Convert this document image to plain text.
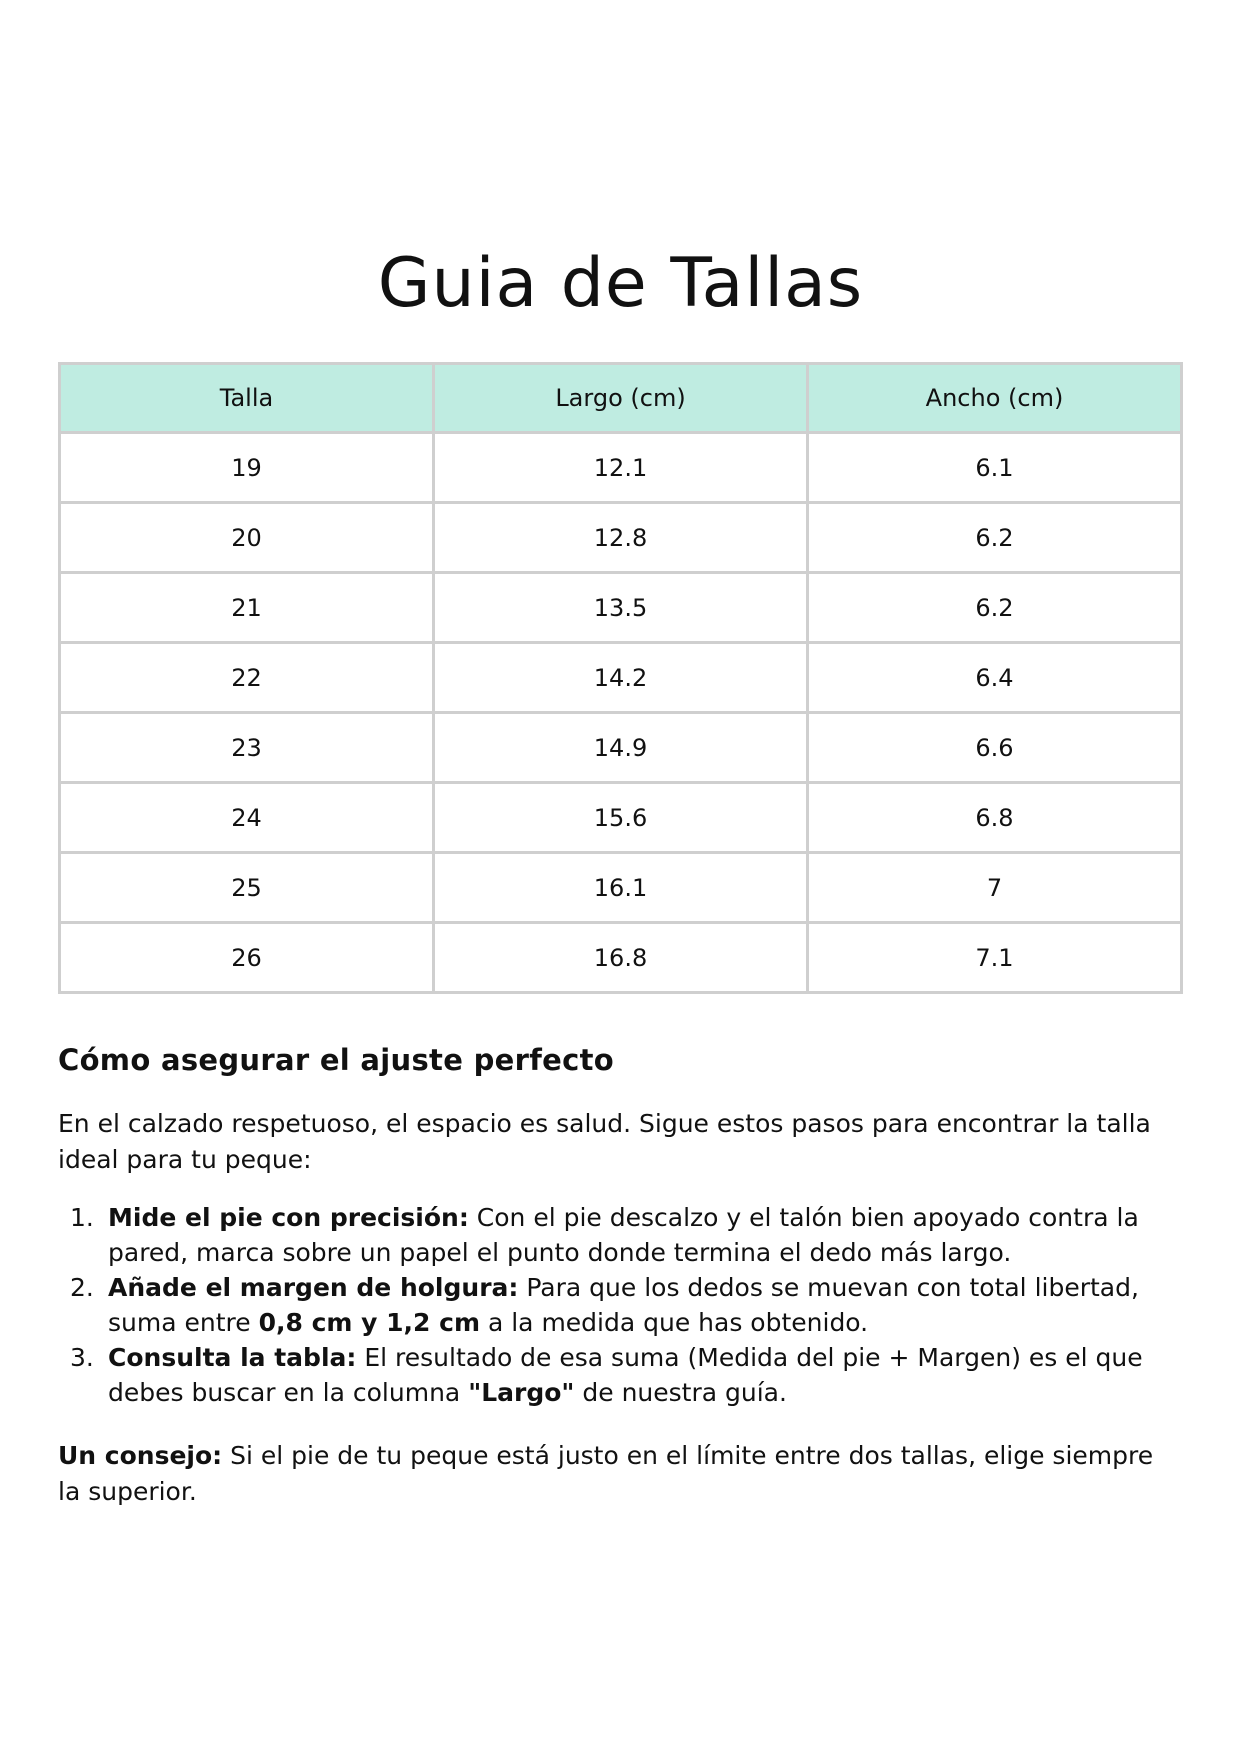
Guia de Tallas
Talla	Largo (cm)	Ancho (cm)
19	12.1	6.1
20	12.8	6.2
21	13.5	6.2
22	14.2	6.4
23	14.9	6.6
24	15.6	6.8
25	16.1	7
26	16.8	7.1
Cómo asegurar el ajuste perfecto

En el calzado respetuoso, el espacio es salud. Sigue estos pasos para encontrar la talla ideal para tu peque:

1. Mide el pie con precisión: Con el pie descalzo y el talón bien apoyado contra la pared, marca sobre un papel el punto donde termina el dedo más largo.
2. Añade el margen de holgura: Para que los dedos se muevan con total libertad, suma entre 0,8 cm y 1,2 cm a la medida que has obtenido.
3. Consulta la tabla: El resultado de esa suma (Medida del pie + Margen) es el que debes buscar en la columna "Largo" de nuestra guía.

Un consejo: Si el pie de tu peque está justo en el límite entre dos tallas, elige siempre la superior.
